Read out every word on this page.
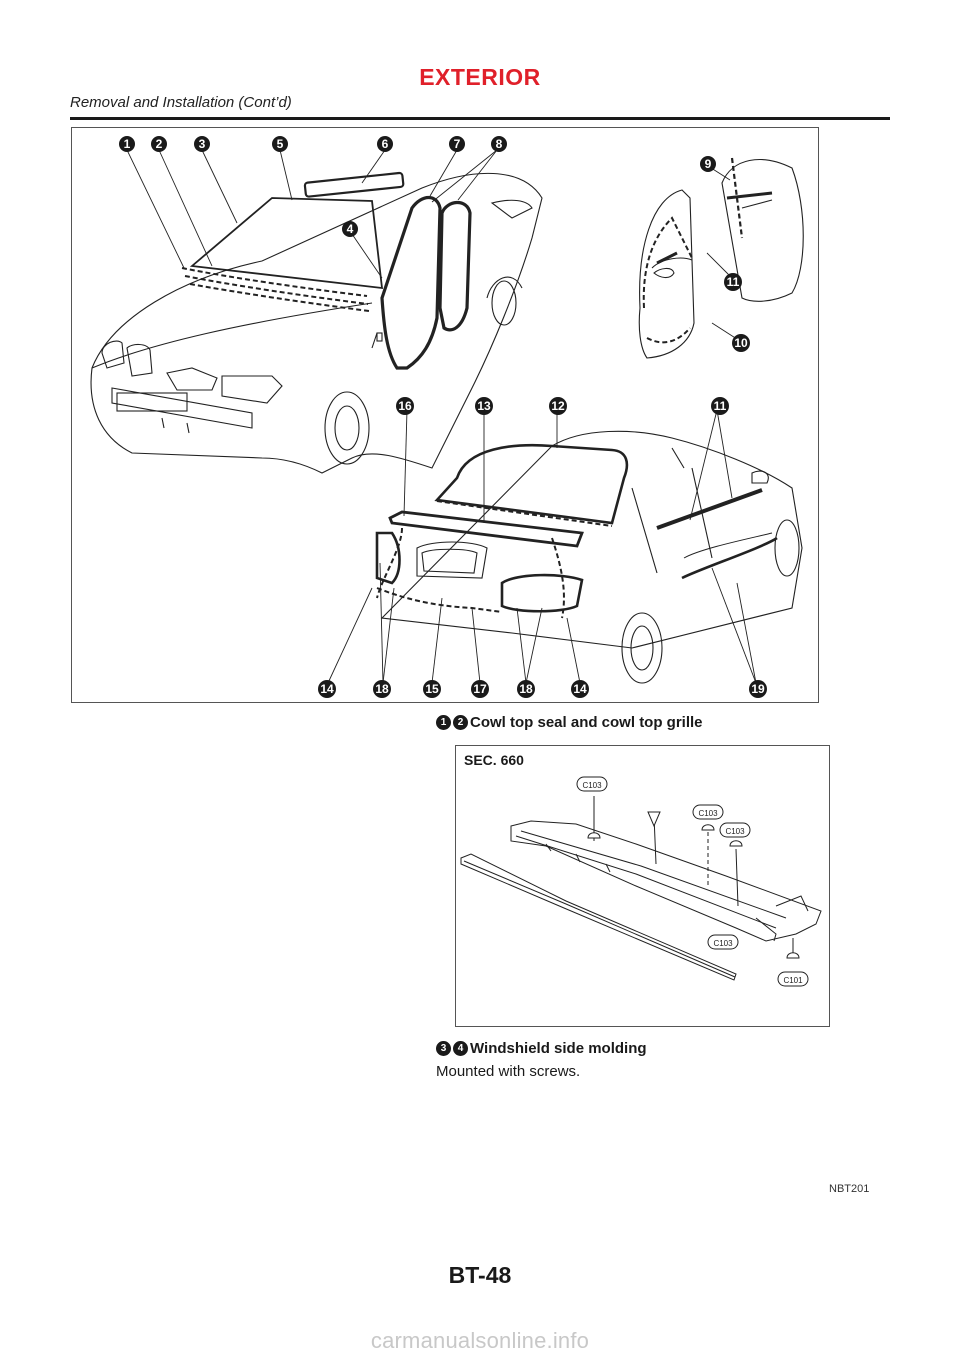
EXTERIOR
Removal and Installation (Cont’d)
1 2	3	5	6	7	8
4
9
11
10
16	13	12	11
14	18	15	17	18	14	19
1	2 Cowl top seal and cowl top grille
SEC. 660
C103
C103
C103
C103
C101
3	4 Windshield side molding
Mounted with screws.
NBT201
BT-48
carmanualsonline.info
